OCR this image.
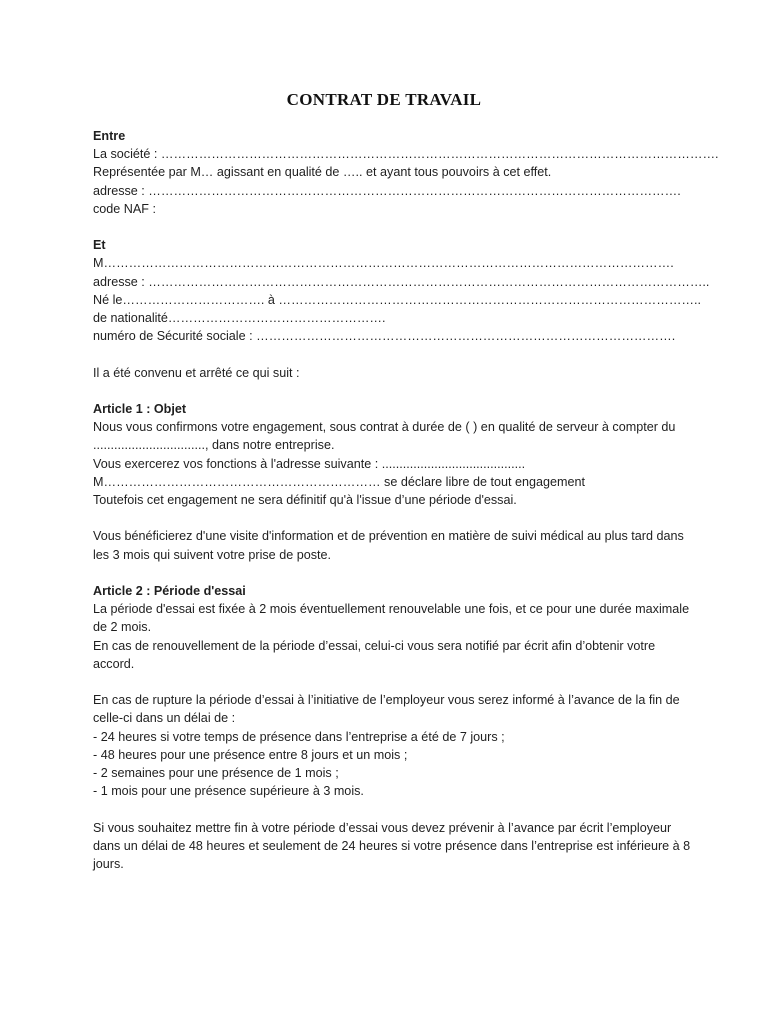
CONTRAT DE TRAVAIL
Entre
La société : …………………………………………………………………………………………………………………….
Représentée par M… agissant en qualité de ….. et ayant tous pouvoirs à cet effet.
adresse : ……………………………………………………………………………………………………………….
code NAF :
Et
M……………………………………………………………………………………………………………………….
adresse : ……………………………………………………………………………………………………………………..
Né le……………………………. à ………………………………………………………………………………………..
de nationalité…………………………………………….
numéro de Sécurité sociale : ……………………………………………………………………………………….
Il a été convenu et arrêté ce qui suit :
Article 1 : Objet
Nous vous confirmons votre engagement, sous contrat à durée de ( ) en qualité de serveur à compter du ................................, dans notre entreprise.
Vous exercerez vos fonctions à l'adresse suivante : .........................................
M………………………………………………………… se déclare libre de tout engagement
Toutefois cet engagement ne sera définitif qu'à l'issue d’une période d'essai.
Vous bénéficierez d'une visite d'information et de prévention en matière de suivi médical au plus tard dans les 3 mois qui suivent votre prise de poste.
Article 2 : Période d'essai
La période d'essai est fixée à 2 mois éventuellement renouvelable une fois, et ce pour une durée maximale de 2 mois.
En cas de renouvellement de la période d’essai, celui-ci vous sera notifié par écrit afin d’obtenir votre accord.
En cas de rupture la période d’essai à l’initiative de l’employeur vous serez informé à l’avance de la fin de celle-ci dans un délai de :
- 24 heures si votre temps de présence dans l’entreprise a été de 7 jours ;
- 48 heures pour une présence entre 8 jours et un mois ;
- 2 semaines pour une présence de 1 mois ;
- 1 mois pour une présence supérieure à 3 mois.
Si vous souhaitez mettre fin à votre période d’essai vous devez prévenir à l’avance par écrit l’employeur dans un délai de 48 heures et seulement de 24 heures si votre présence dans l’entreprise est inférieure à 8 jours.
